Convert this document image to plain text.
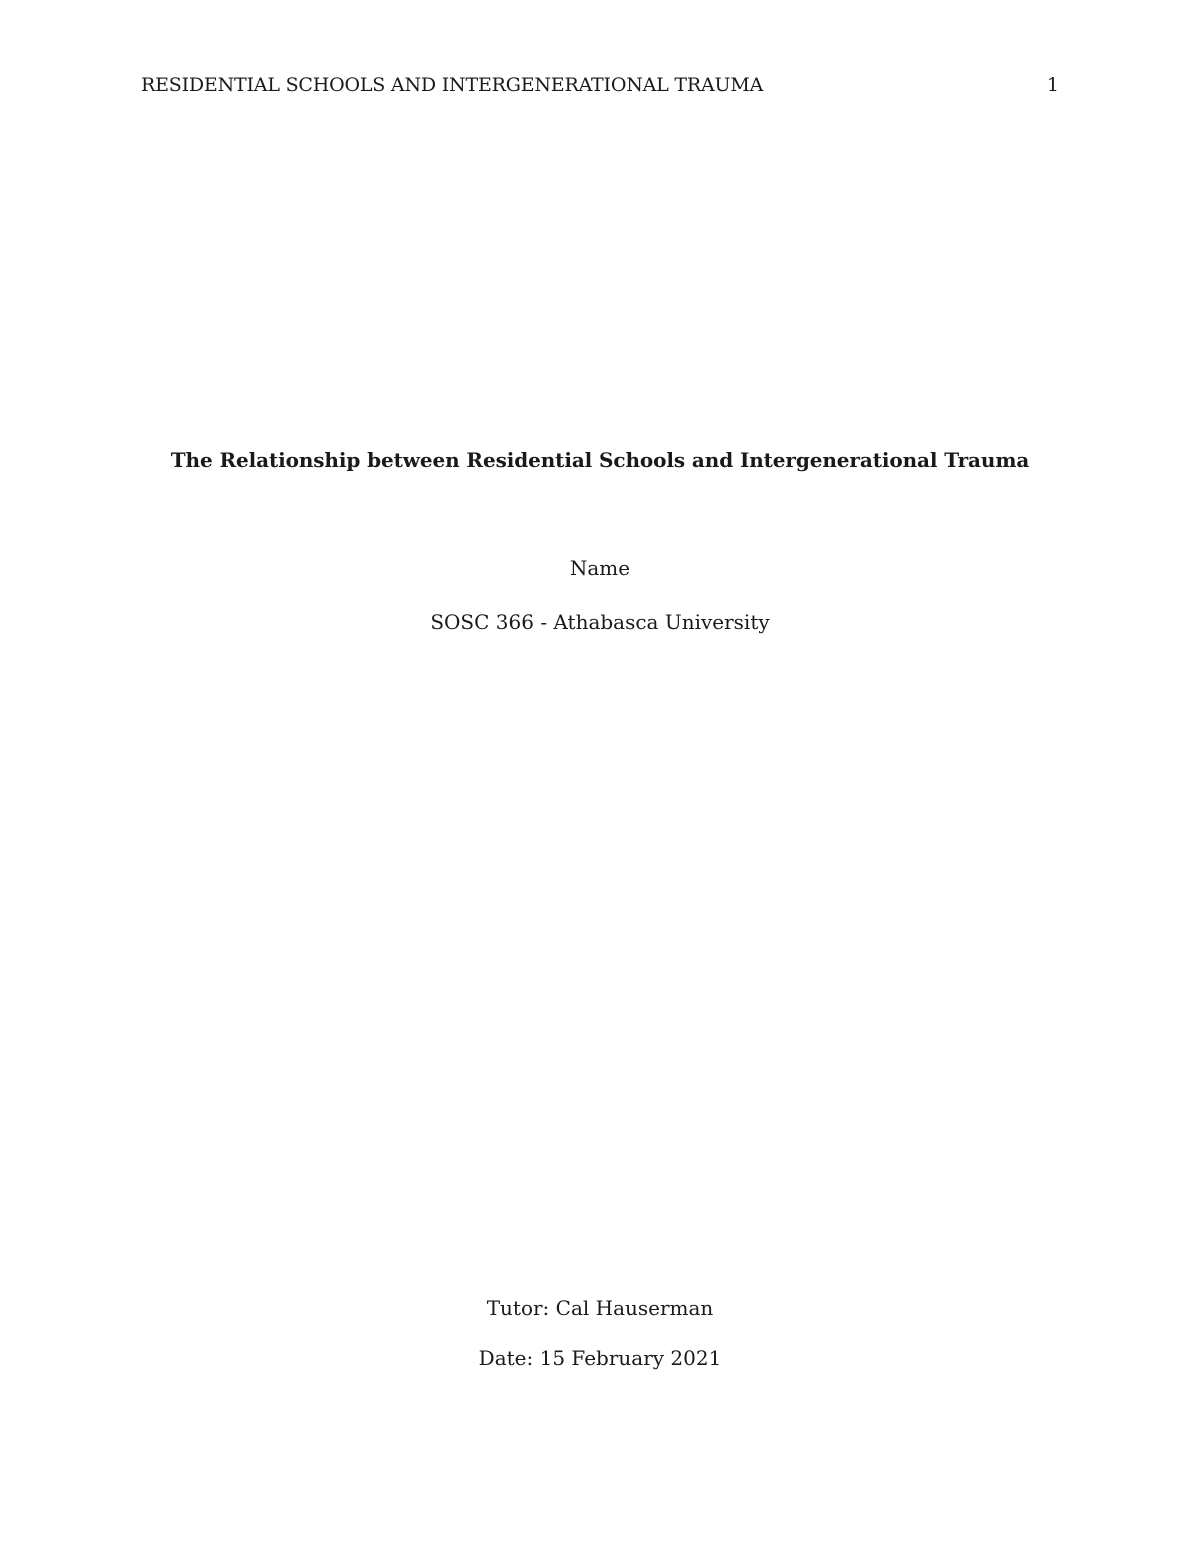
RESIDENTIAL SCHOOLS AND INTERGENERATIONAL TRAUMA	1
The Relationship between Residential Schools and Intergenerational Trauma
Name
SOSC 366 - Athabasca University
Tutor: Cal Hauserman
Date: 15 February 2021
